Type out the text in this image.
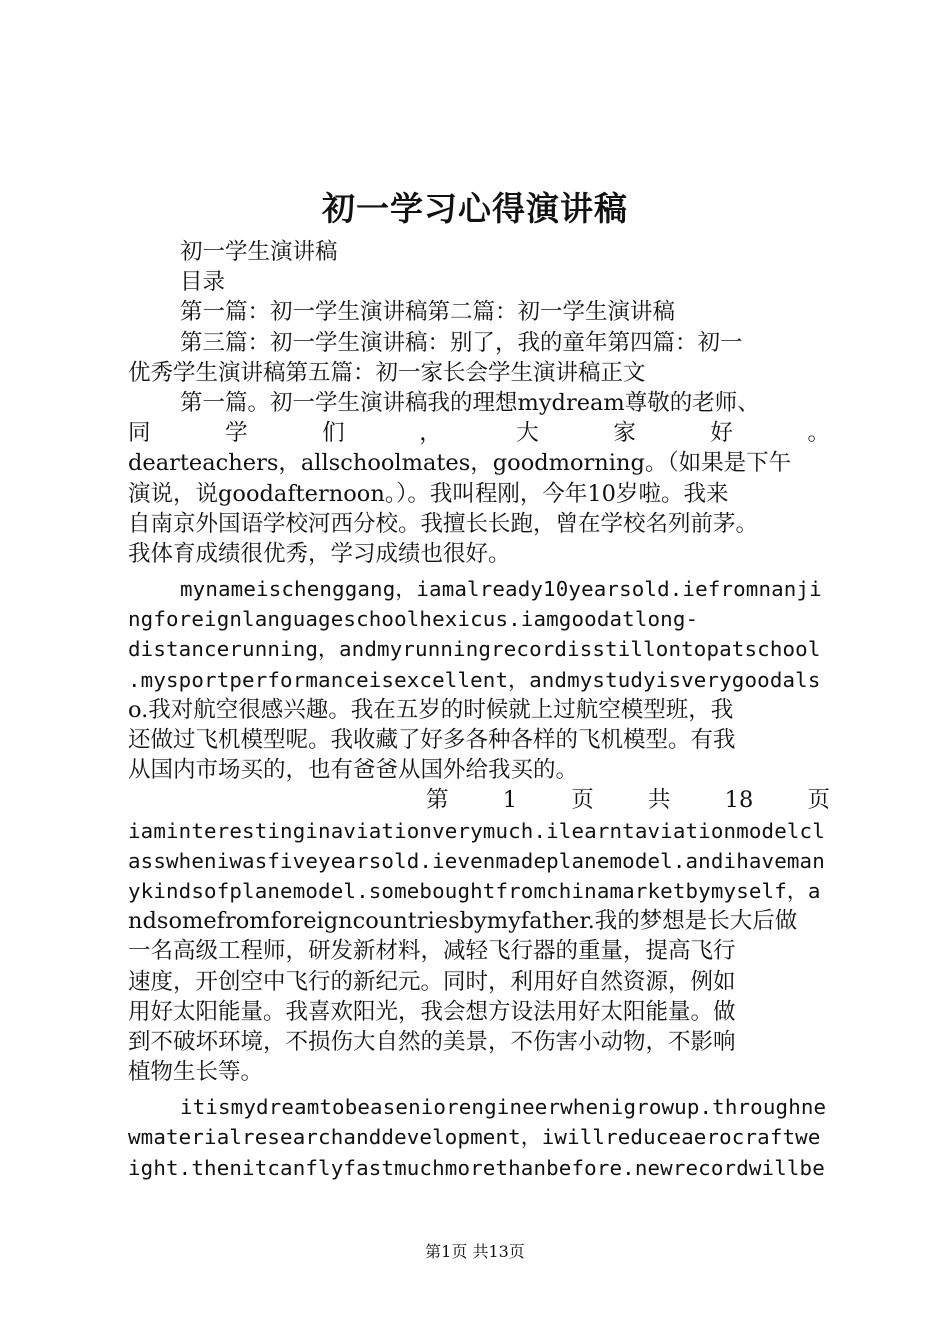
初一学习心得演讲稿
初一学生演讲稿
目录
第一篇：初一学生演讲稿第二篇：初一学生演讲稿
第三篇：初一学生演讲稿：别了，我的童年第四篇：初一
优秀学生演讲稿第五篇：初一家长会学生演讲稿正文
第一篇。初一学生演讲稿我的理想mydream尊敬的老师、
同	学	们	，	大	家	好	。
dearteachers，allschoolmates，goodmorning。（如果是下午
演说，说goodafternoon。）。我叫程刚，今年10岁啦。我来
自南京外国语学校河西分校。我擅长长跑，曾在学校名列前茅。
我体育成绩很优秀，学习成绩也很好。
mynameischenggang，iamalready10yearsold.iefromnanji
ngforeignlanguageschoolhexicus.iamgoodatlong-
distancerunning，andmyrunningrecordisstillontopatschool
.mysportperformanceisexcellent，andmystudyisverygoodals
o.我对航空很感兴趣。我在五岁的时候就上过航空模型班，我
还做过飞机模型呢。我收藏了好多各种各样的飞机模型。有我
从国内市场买的，也有爸爸从国外给我买的。
第 1 页 共 18 页
iaminterestinginaviationverymuch.ilearntaviationmodelcl
asswheniwasfiveyearsold.ievenmadeplanemodel.andihaveman
ykindsofplanemodel.someboughtfromchinamarketbymyself，a
ndsomefromforeigncountriesbymyfather.我的梦想是长大后做
一名高级工程师，研发新材料，减轻飞行器的重量，提高飞行
速度，开创空中飞行的新纪元。同时，利用好自然资源，例如
用好太阳能量。我喜欢阳光，我会想方设法用好太阳能量。做
到不破坏环境，不损伤大自然的美景，不伤害小动物，不影响
植物生长等。
itismydreamtobeaseniorengineerwhenigrowup.throughne
wmaterialresearchanddevelopment，iwillreduceaerocraftwe
ight.thenitcanflyfastmuchmorethanbefore.newrecordwillbe
第1页 共13页
